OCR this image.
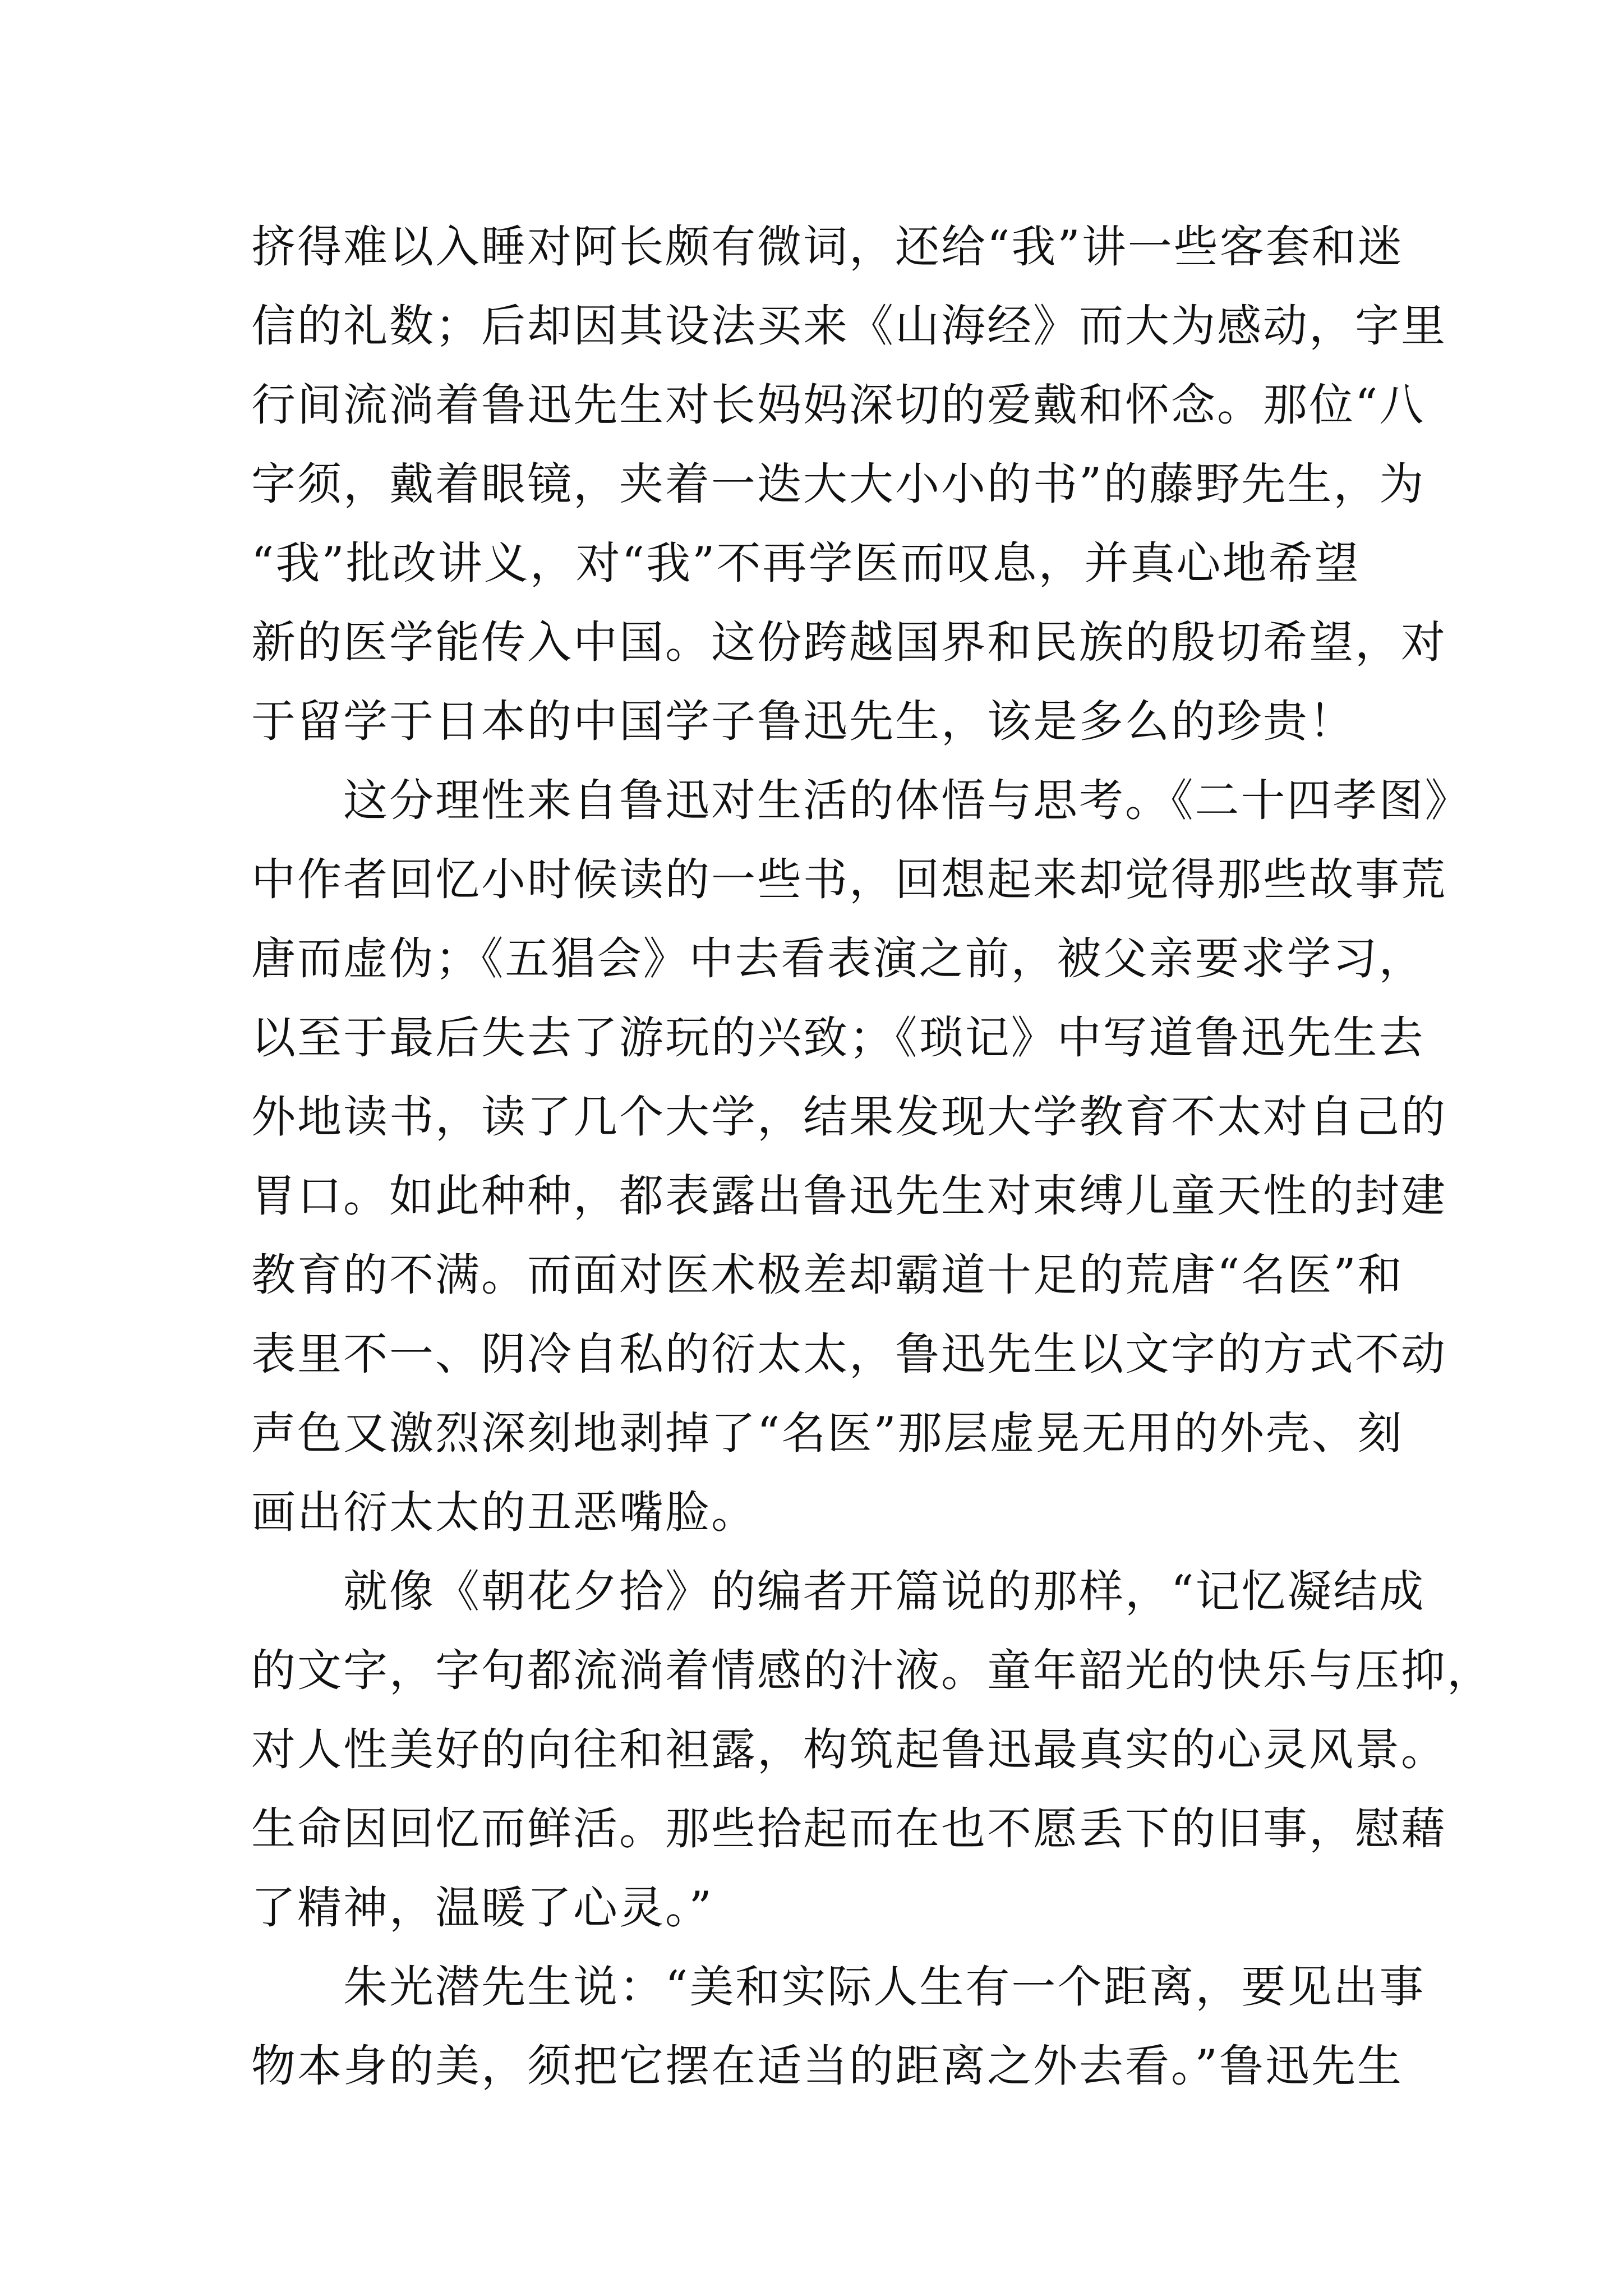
挤得难以入睡对阿长颇有微词，还给“我”讲一些客套和迷
信的礼数；后却因其设法买来《山海经》而大为感动，字里
行间流淌着鲁迅先生对长妈妈深切的爱戴和怀念。那位“八
字须，戴着眼镜，夹着一迭大大小小的书”的藤野先生，为
“我”批改讲义，对“我”不再学医而叹息，并真心地希望
新的医学能传入中国。这份跨越国界和民族的殷切希望，对
于留学于日本的中国学子鲁迅先生，该是多么的珍贵！
　　这分理性来自鲁迅对生活的体悟与思考。《二十四孝图》
中作者回忆小时候读的一些书，回想起来却觉得那些故事荒
唐而虚伪；《五猖会》中去看表演之前，被父亲要求学习，
以至于最后失去了游玩的兴致；《琐记》中写道鲁迅先生去
外地读书，读了几个大学，结果发现大学教育不太对自己的
胃口。如此种种，都表露出鲁迅先生对束缚儿童天性的封建
教育的不满。而面对医术极差却霸道十足的荒唐“名医”和
表里不一、阴冷自私的衍太太，鲁迅先生以文字的方式不动
声色又激烈深刻地剥掉了“名医”那层虚晃无用的外壳、刻
画出衍太太的丑恶嘴脸。
　　就像《朝花夕拾》的编者开篇说的那样，“记忆凝结成
的文字，字句都流淌着情感的汁液。童年韶光的快乐与压抑，
对人性美好的向往和袒露，构筑起鲁迅最真实的心灵风景。
生命因回忆而鲜活。那些拾起而在也不愿丢下的旧事，慰藉
了精神，温暖了心灵。”
　　朱光潜先生说：“美和实际人生有一个距离，要见出事
物本身的美，须把它摆在适当的距离之外去看。”鲁迅先生
